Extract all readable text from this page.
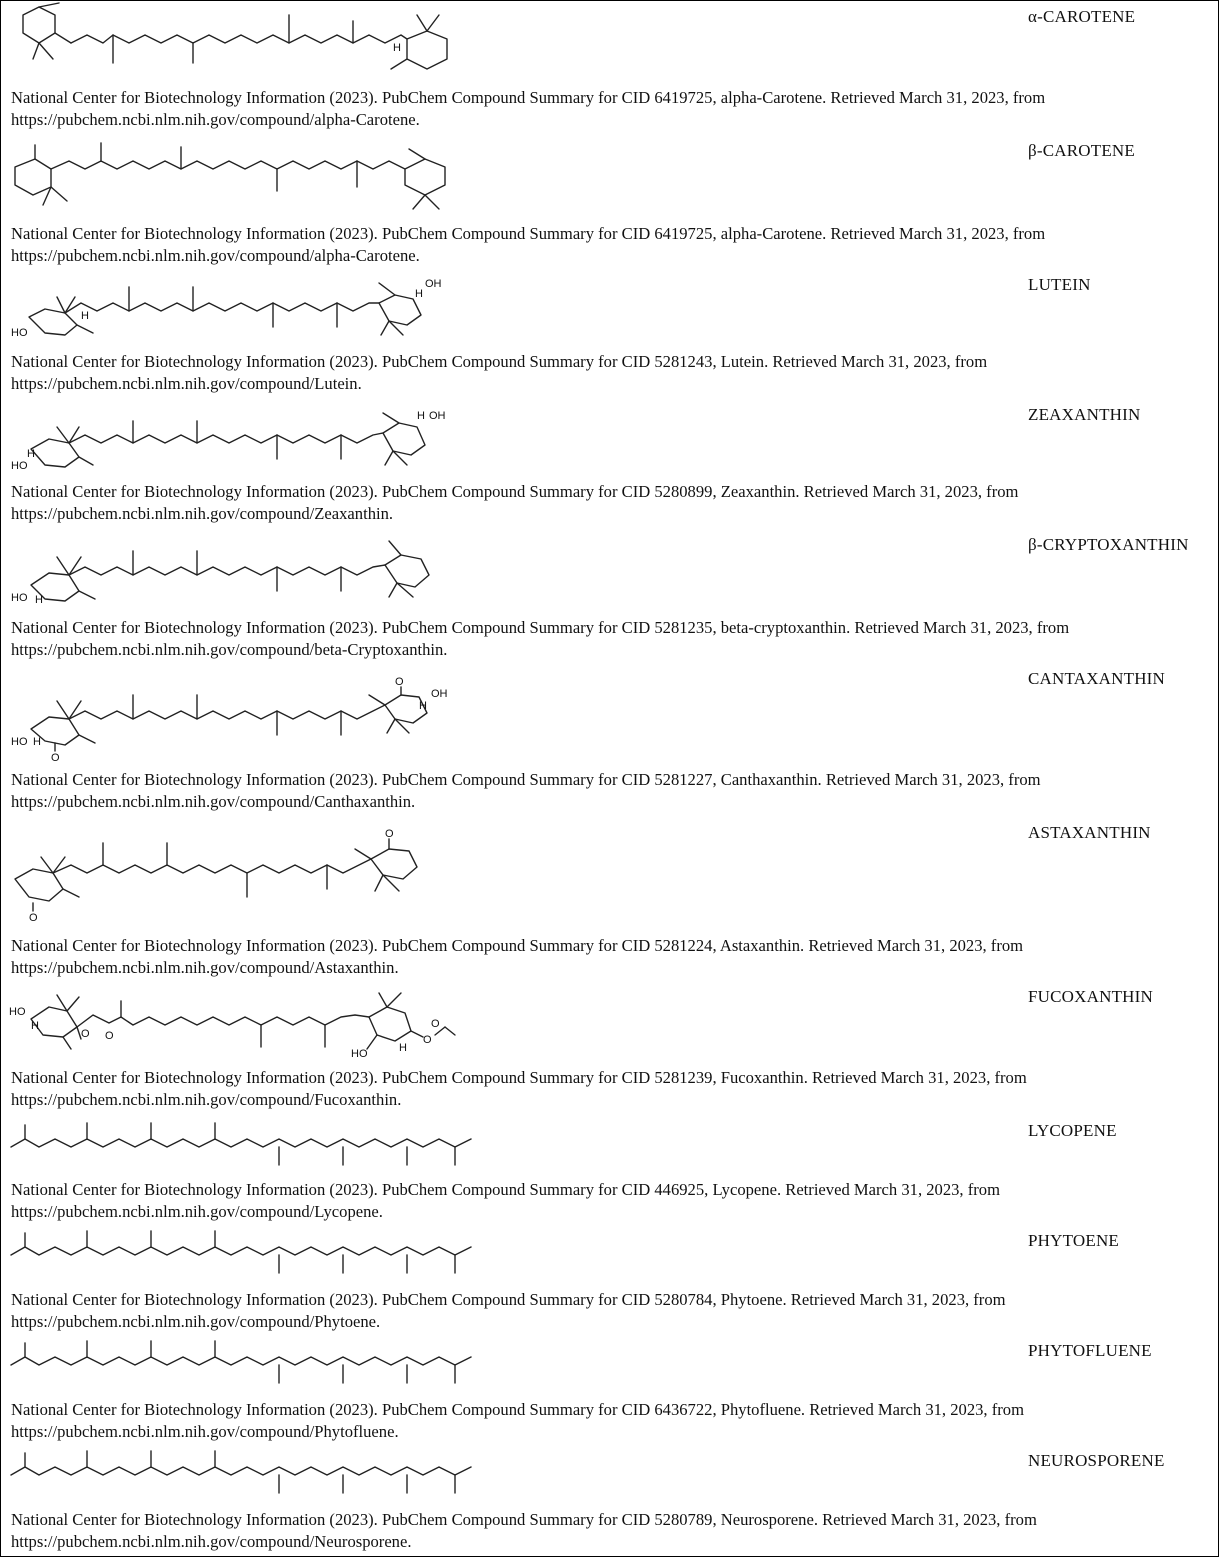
H
α-CAROTENE
National Center for Biotechnology Information (2023). PubChem Compound Summary for CID 6419725, alpha-Carotene. Retrieved March 31, 2023, from https://pubchem.ncbi.nlm.nih.gov/compound/alpha-Carotene.
β-CAROTENE
National Center for Biotechnology Information (2023). PubChem Compound Summary for CID 6419725, alpha-Carotene. Retrieved March 31, 2023, from https://pubchem.ncbi.nlm.nih.gov/compound/alpha-Carotene.
HO
H
OH
H	LUTEIN
National Center for Biotechnology Information (2023). PubChem Compound Summary for CID 5281243, Lutein. Retrieved March 31, 2023, from https://pubchem.ncbi.nlm.nih.gov/compound/Lutein.
HO
H
OH
H	ZEAXANTHIN
National Center for Biotechnology Information (2023). PubChem Compound Summary for CID 5280899, Zeaxanthin. Retrieved March 31, 2023, from https://pubchem.ncbi.nlm.nih.gov/compound/Zeaxanthin.
HO H
β-CRYPTOXANTHIN
National Center for Biotechnology Information (2023). PubChem Compound Summary for CID 5281235, beta-cryptoxanthin. Retrieved March 31, 2023, from https://pubchem.ncbi.nlm.nih.gov/compound/beta-Cryptoxanthin.
HO H
O
O
OH
H
CANTAXANTHIN
National Center for Biotechnology Information (2023). PubChem Compound Summary for CID 5281227, Canthaxanthin. Retrieved March 31, 2023, from https://pubchem.ncbi.nlm.nih.gov/compound/Canthaxanthin.
O
O	ASTAXANTHIN
National Center for Biotechnology Information (2023). PubChem Compound Summary for CID 5281224, Astaxanthin. Retrieved March 31, 2023, from https://pubchem.ncbi.nlm.nih.gov/compound/Astaxanthin.
HO
H
O O
HO	H
O
O
FUCOXANTHIN
National Center for Biotechnology Information (2023). PubChem Compound Summary for CID 5281239, Fucoxanthin. Retrieved March 31, 2023, from https://pubchem.ncbi.nlm.nih.gov/compound/Fucoxanthin.
LYCOPENE
National Center for Biotechnology Information (2023). PubChem Compound Summary for CID 446925, Lycopene. Retrieved March 31, 2023, from https://pubchem.ncbi.nlm.nih.gov/compound/Lycopene.
PHYTOENE
National Center for Biotechnology Information (2023). PubChem Compound Summary for CID 5280784, Phytoene. Retrieved March 31, 2023, from https://pubchem.ncbi.nlm.nih.gov/compound/Phytoene.
PHYTOFLUENE
National Center for Biotechnology Information (2023). PubChem Compound Summary for CID 6436722, Phytofluene. Retrieved March 31, 2023, from https://pubchem.ncbi.nlm.nih.gov/compound/Phytofluene.
NEUROSPORENE
National Center for Biotechnology Information (2023). PubChem Compound Summary for CID 5280789, Neurosporene. Retrieved March 31, 2023, from https://pubchem.ncbi.nlm.nih.gov/compound/Neurosporene.
